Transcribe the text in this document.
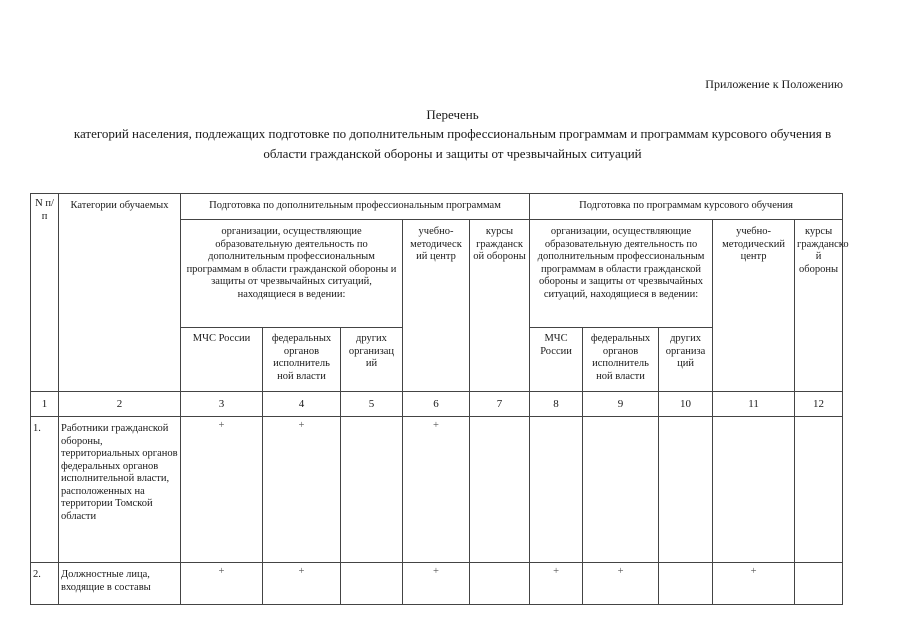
Приложение к Положению
Перечень
категорий населения, подлежащих подготовке по дополнительным профессиональным программам и программам курсового обучения в области гражданской обороны и защиты от чрезвычайных ситуаций
N п/п	Категории обучаемых	Подготовка по дополнительным профессиональным программам					Подготовка по программам курсового обучения				
		организации, осуществляющие образовательную деятельность по дополнительным профессиональным программам в области гражданской обороны и защиты от чрезвычайных ситуаций, находящиеся в ведении:			учебно-методическ ий центр	курсы гражданск ой обороны	организации, осуществляющие образовательную деятельность по дополнительным профессиональным программам в области гражданской обороны и защиты от чрезвычайных ситуаций, находящиеся в ведении:			учебно-методический центр	курсы гражданско й обороны
		МЧС России	федеральных органов исполнитель ной власти	других организац ий			МЧС России	федеральных органов исполнитель ной власти	других организа ций		
1	2	3	4	5	6	7	8	9	10	11	12
1.	Работники гражданской обороны, территориальных органов федеральных органов исполнительной власти, расположенных на территории Томской области	+	+		+						
2.	Должностные лица, входящие в составы	+	+		+		+	+		+	
